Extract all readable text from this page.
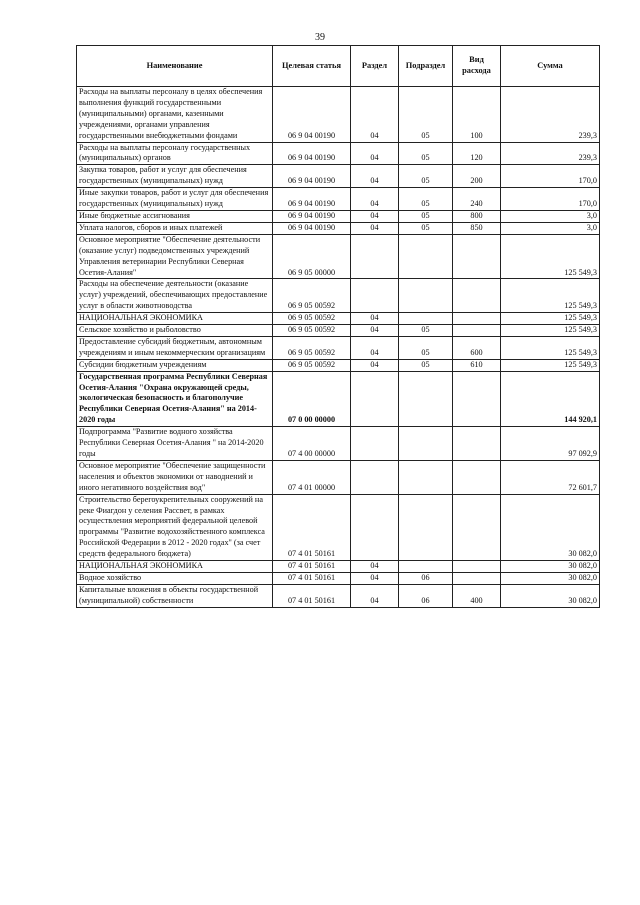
39
Наименование	Целевая статья	Раздел	Подраздел	Вид расхода	Сумма
Расходы на выплаты персоналу в целях обеспечения выполнения функций государственными (муниципальными) органами, казенными учреждениями, органами управления государственными внебюджетными фондами	06 9 04 00190	04	05	100	239,3
Расходы на выплаты персоналу государственных (муниципальных) органов	06 9 04 00190	04	05	120	239,3
Закупка товаров, работ и услуг для обеспечения государственных (муниципальных) нужд	06 9 04 00190	04	05	200	170,0
Иные закупки товаров, работ и услуг для обеспечения государственных (муниципальных) нужд	06 9 04 00190	04	05	240	170,0
Иные бюджетные ассигнования	06 9 04 00190	04	05	800	3,0
Уплата налогов, сборов и иных платежей	06 9 04 00190	04	05	850	3,0
Основное мероприятие "Обеспечение деятельности (оказание услуг) подведомственных учреждений Управления ветеринарии Республики Северная Осетия-Алания"	06 9 05 00000				125 549,3
Расходы на обеспечение деятельности (оказание услуг) учреждений, обеспечивающих предоставление услуг в области животноводства	06 9 05 00592				125 549,3
НАЦИОНАЛЬНАЯ ЭКОНОМИКА	06 9 05 00592	04			125 549,3
Сельское хозяйство и рыболовство	06 9 05 00592	04	05		125 549,3
Предоставление субсидий бюджетным, автономным учреждениям и иным некоммерческим организациям	06 9 05 00592	04	05	600	125 549,3
Субсидии бюджетным учреждениям	06 9 05 00592	04	05	610	125 549,3
Государственная программа Республики Северная Осетия-Алания "Охрана окружающей среды, экологическая безопасность и благополучие Республики Северная Осетия-Алания" на 2014-2020 годы	07 0 00 00000				144 920,1
Подпрограмма "Развитие водного хозяйства Республики Северная Осетия-Алания " на 2014-2020 годы	07 4 00 00000				97 092,9
Основное мероприятие "Обеспечение защищенности населения и объектов экономики от наводнений и иного негативного воздействия вод"	07 4 01 00000				72 601,7
Строительство берегоукрепительных сооружений на реке Фиагдон у селения Рассвет, в рамках осуществления мероприятий федеральной целевой программы "Развитие водохозяйственного комплекса Российской Федерации в 2012 - 2020 годах" (за счет средств федерального бюджета)	07 4 01 50161				30 082,0
НАЦИОНАЛЬНАЯ ЭКОНОМИКА	07 4 01 50161	04			30 082,0
Водное хозяйство	07 4 01 50161	04	06		30 082,0
Капитальные вложения в объекты государственной (муниципальной) собственности	07 4 01 50161	04	06	400	30 082,0
